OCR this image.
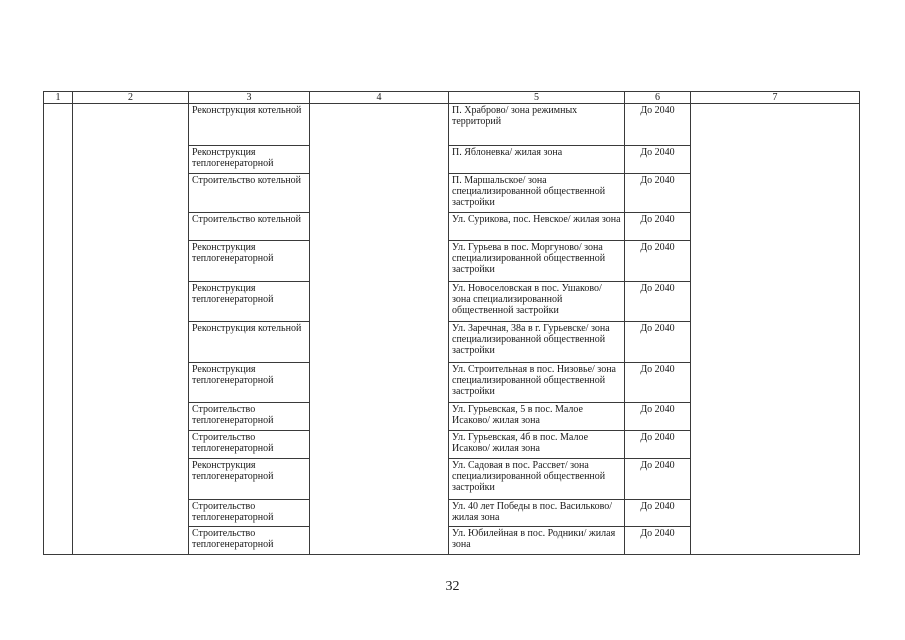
1	2	3	4	5	6	7
		Реконструкция котельной		П. Храброво/ зона режимных территорий	До 2040	
		Реконструкция теплогенераторной		П. Яблоневка/ жилая зона	До 2040	
		Строительство котельной		П. Маршальское/ зона специализированной общественной застройки	До 2040	
		Строительство котельной		Ул. Сурикова, пос. Невское/ жилая зона	До 2040	
		Реконструкция теплогенераторной		Ул. Гурьева в пос. Моргуново/ зона специализированной общественной застройки	До 2040	
		Реконструкция теплогенераторной		Ул. Новоселовская в пос. Ушаково/ зона специализированной общественной застройки	До 2040	
		Реконструкция котельной		Ул. Заречная, 38а в г. Гурьевске/ зона специализированной общественной застройки	До 2040	
		Реконструкция теплогенераторной		Ул. Строительная в пос. Низовье/ зона специализированной общественной застройки	До 2040	
		Строительство теплогенераторной		Ул. Гурьевская, 5 в пос. Малое Исаково/ жилая зона	До 2040	
		Строительство теплогенераторной		Ул. Гурьевская, 4б в пос. Малое Исаково/ жилая зона	До 2040	
		Реконструкция теплогенераторной		Ул. Садовая в пос. Рассвет/ зона специализированной общественной застройки	До 2040	
		Строительство теплогенераторной		Ул. 40 лет Победы в пос. Васильково/ жилая зона	До 2040	
		Строительство теплогенераторной		Ул. Юбилейная в пос. Родники/ жилая зона	До 2040	
32
